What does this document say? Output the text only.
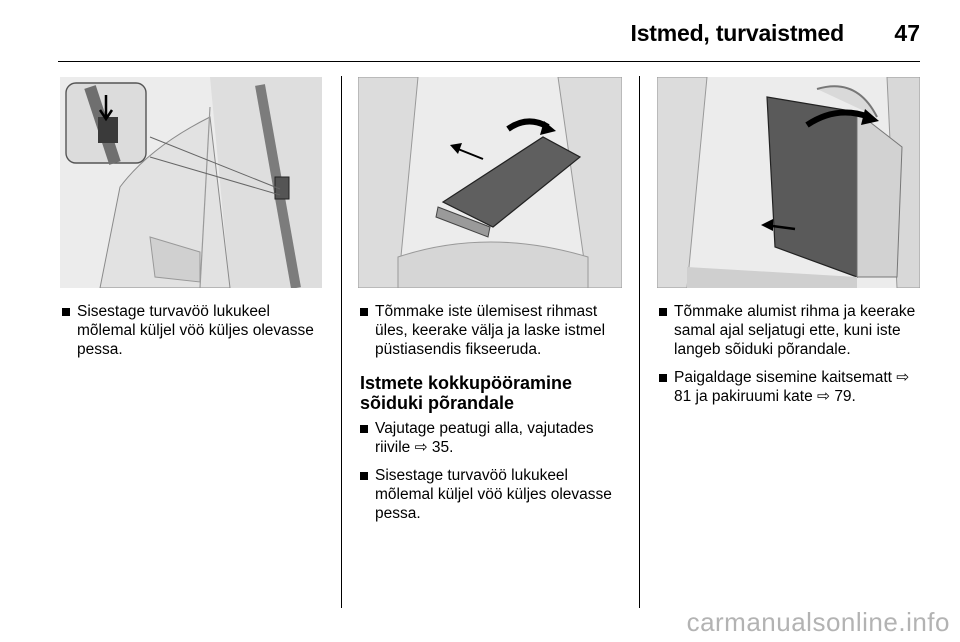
Istmed, turvaistmed 47
Sisestage turvavöö lukukeel mõlemal küljel vöö küljes olevasse pessa.
Tõmmake iste ülemisest rihmast üles, keerake välja ja laske istmel püstiasendis fikseeruda.
Istmete kokkupööramine sõiduki põrandale
Vajutage peatugi alla, vajutades riivile ⇨ 35.
Sisestage turvavöö lukukeel mõlemal küljel vöö küljes olevasse pessa.
Tõmmake alumist rihma ja keerake samal ajal seljatugi ette, kuni iste langeb sõiduki põrandale.
Paigaldage sisemine kaitsematt ⇨ 81 ja pakiruumi kate ⇨ 79.
carmanualsonline.info
